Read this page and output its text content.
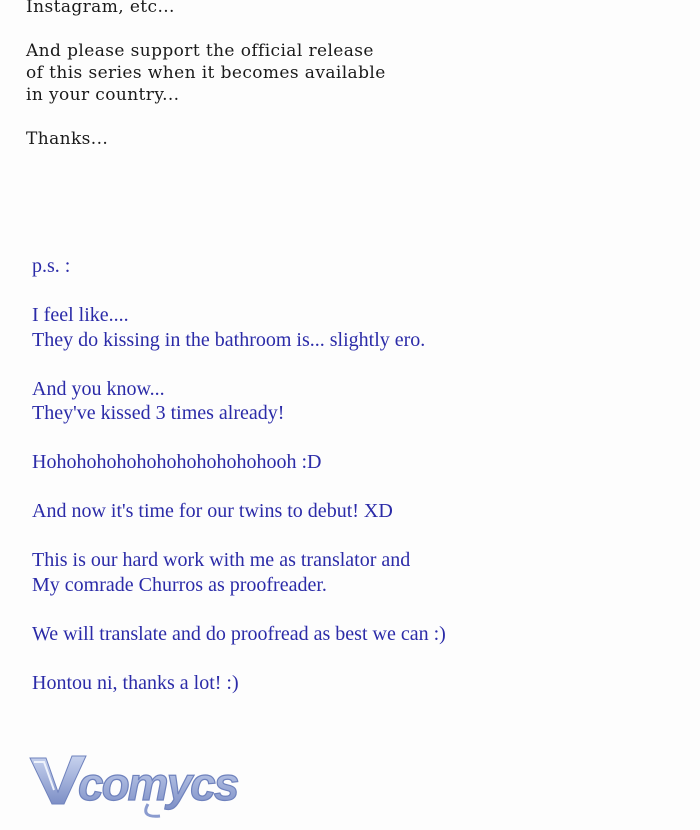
Instagram, etc...
And please support the official release
of this series when it becomes available
in your country...
Thanks...
p.s. :
I feel like....
They do kissing in the bathroom is... slightly ero.
And you know...
They've kissed 3 times already!
Hohohohohohohohohohohohooh :D
And now it's time for our twins to debut! XD
This is our hard work with me as translator and
My comrade Churros as proofreader.
We will translate and do proofread as best we can :)
Hontou ni, thanks a lot! :)
comycs
